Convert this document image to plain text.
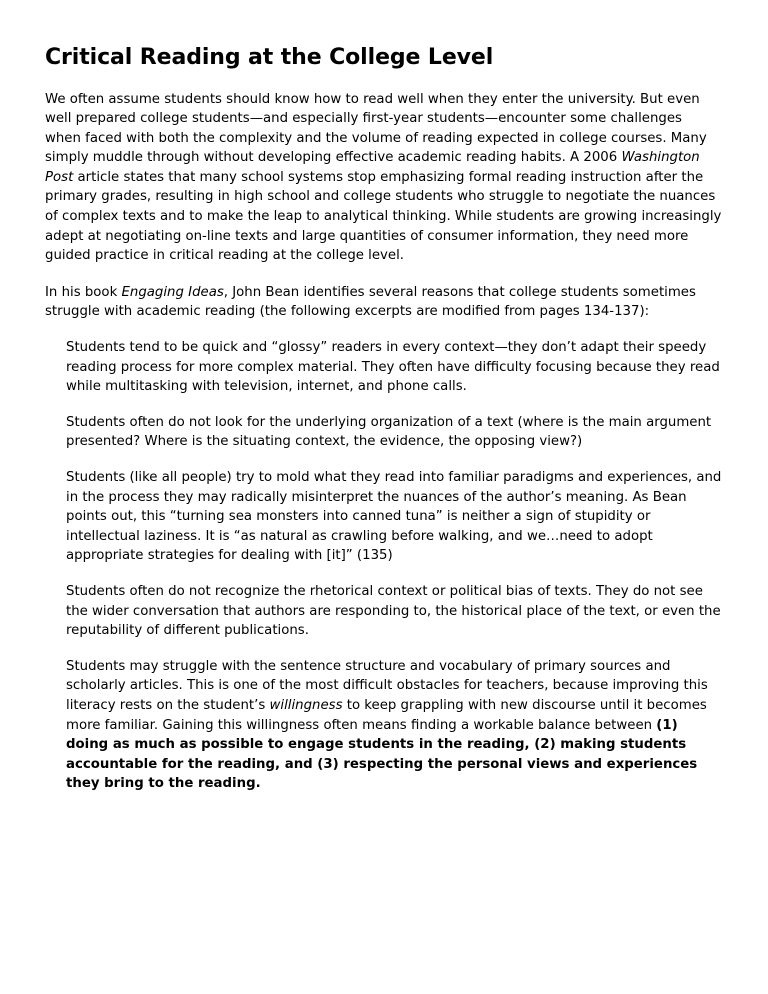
Critical Reading at the College Level

We often assume students should know how to read well when they enter the university. But even well prepared college students—and especially first-year students—encounter some challenges when faced with both the complexity and the volume of reading expected in college courses. Many simply muddle through without developing effective academic reading habits. A 2006 Washington Post article states that many school systems stop emphasizing formal reading instruction after the primary grades, resulting in high school and college students who struggle to negotiate the nuances of complex texts and to make the leap to analytical thinking. While students are growing increasingly adept at negotiating on-line texts and large quantities of consumer information, they need more guided practice in critical reading at the college level.

In his book Engaging Ideas, John Bean identifies several reasons that college students sometimes struggle with academic reading (the following excerpts are modified from pages 134-137):

Students tend to be quick and “glossy” readers in every context—they don’t adapt their speedy reading process for more complex material. They often have difficulty focusing because they read while multitasking with television, internet, and phone calls.
Students often do not look for the underlying organization of a text (where is the main argument presented? Where is the situating context, the evidence, the opposing view?)
Students (like all people) try to mold what they read into familiar paradigms and experiences, and in the process they may radically misinterpret the nuances of the author’s meaning. As Bean points out, this “turning sea monsters into canned tuna” is neither a sign of stupidity or intellectual laziness. It is “as natural as crawling before walking, and we…need to adopt appropriate strategies for dealing with [it]” (135)
Students often do not recognize the rhetorical context or political bias of texts. They do not see the wider conversation that authors are responding to, the historical place of the text, or even the reputability of different publications.
Students may struggle with the sentence structure and vocabulary of primary sources and scholarly articles. This is one of the most difficult obstacles for teachers, because improving this literacy rests on the student’s willingness to keep grappling with new discourse until it becomes more familiar. Gaining this willingness often means finding a workable balance between (1) doing as much as possible to engage students in the reading, (2) making students accountable for the reading, and (3) respecting the personal views and experiences they bring to the reading.
